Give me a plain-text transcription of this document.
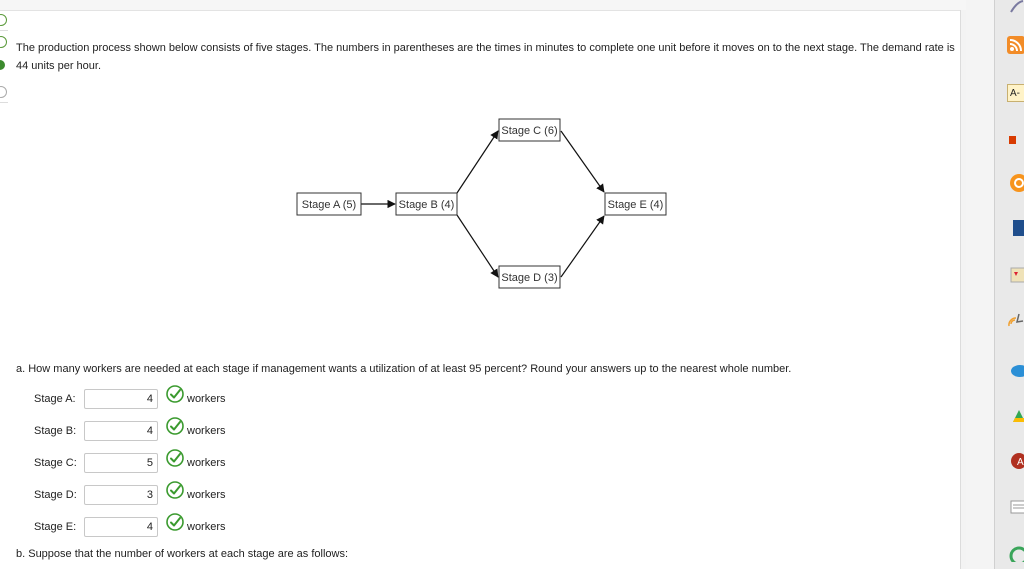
The production process shown below consists of five stages. The numbers in parentheses are the times in minutes to complete one unit before it moves on to the next stage. The demand rate is 44 units per hour.
Stage A (5)	Stage B (4)
Stage C (6)
Stage D (3)
Stage E (4)
a. How many workers are needed at each stage if management wants a utilization of at least 95 percent? Round your answers up to the nearest whole number.
Stage A:	4	workers
Stage B:	4	workers
Stage C:	5	workers
Stage D:	3	workers
Stage E:	4	workers
b. Suppose that the number of workers at each stage are as follows:
A-
A
